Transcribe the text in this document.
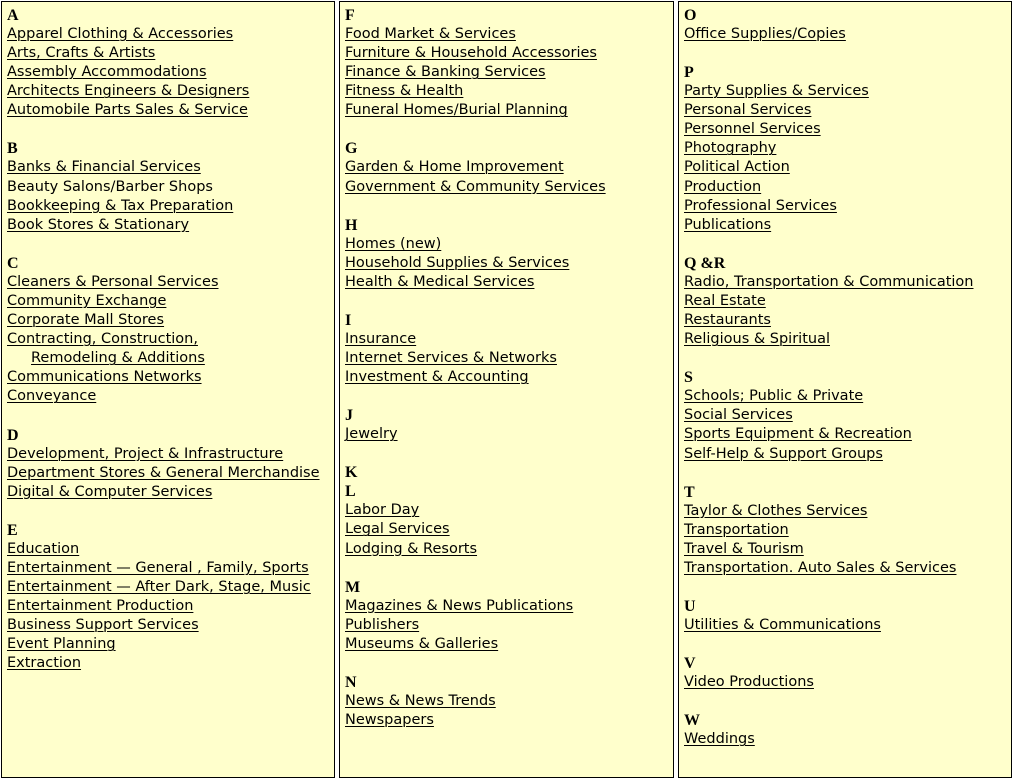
A
Apparel Clothing & Accessories
Arts, Crafts & Artists
Assembly Accommodations
Architects Engineers & Designers
Automobile Parts Sales & Service
B
Banks & Financial Services
Beauty Salons/Barber Shops
Bookkeeping & Tax Preparation
Book Stores & Stationary
C
Cleaners & Personal Services
Community Exchange
Corporate Mall Stores
Contracting, Construction,
Remodeling & Additions
Communications Networks
Conveyance
D
Development, Project & Infrastructure
Department Stores & General Merchandise
Digital & Computer Services
E
Education
Entertainment — General , Family, Sports
Entertainment — After Dark, Stage, Music
Entertainment Production
Business Support Services
Event Planning
Extraction
F
Food Market & Services
Furniture & Household Accessories
Finance & Banking Services
Fitness & Health
Funeral Homes/Burial Planning
G
Garden & Home Improvement
Government & Community Services
H
Homes (new)
Household Supplies & Services
Health & Medical Services
I
Insurance
Internet Services & Networks
Investment & Accounting
J
Jewelry
K
L
Labor Day
Legal Services
Lodging & Resorts
M
Magazines & News Publications
Publishers
Museums & Galleries
N
News & News Trends
Newspapers
O
Office Supplies/Copies
P
Party Supplies & Services
Personal Services
Personnel Services
Photography
Political Action
Production
Professional Services
Publications
Q &R
Radio, Transportation & Communication
Real Estate
Restaurants
Religious & Spiritual
S
Schools; Public & Private
Social Services
Sports Equipment & Recreation
Self-Help & Support Groups
T
Taylor & Clothes Services
Transportation
Travel & Tourism
Transportation. Auto Sales & Services
U
Utilities & Communications
V
Video Productions
W
Weddings
